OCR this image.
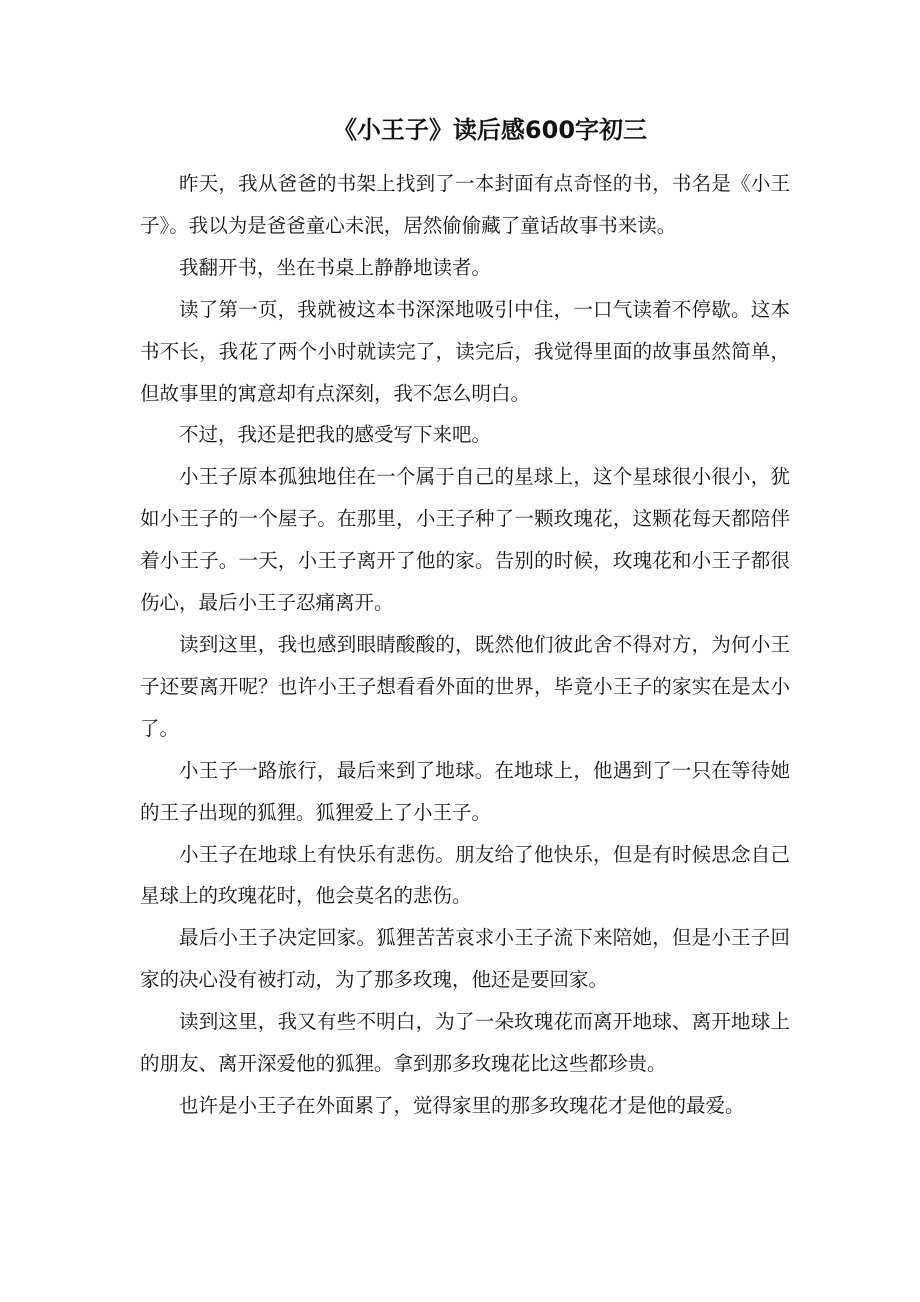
《小王子》读后感600字初三

昨天，我从爸爸的书架上找到了一本封面有点奇怪的书，书名是《小王子》。我以为是爸爸童心未泯，居然偷偷藏了童话故事书来读。

我翻开书，坐在书桌上静静地读者。

读了第一页，我就被这本书深深地吸引中住，一口气读着不停歇。这本书不长，我花了两个小时就读完了，读完后，我觉得里面的故事虽然简单，但故事里的寓意却有点深刻，我不怎么明白。

不过，我还是把我的感受写下来吧。

小王子原本孤独地住在一个属于自己的星球上，这个星球很小很小，犹如小王子的一个屋子。在那里，小王子种了一颗玫瑰花，这颗花每天都陪伴着小王子。一天，小王子离开了他的家。告别的时候，玫瑰花和小王子都很伤心，最后小王子忍痛离开。

读到这里，我也感到眼睛酸酸的，既然他们彼此舍不得对方，为何小王子还要离开呢？也许小王子想看看外面的世界，毕竟小王子的家实在是太小了。

小王子一路旅行，最后来到了地球。在地球上，他遇到了一只在等待她的王子出现的狐狸。狐狸爱上了小王子。

小王子在地球上有快乐有悲伤。朋友给了他快乐，但是有时候思念自己星球上的玫瑰花时，他会莫名的悲伤。

最后小王子决定回家。狐狸苦苦哀求小王子流下来陪她，但是小王子回家的决心没有被打动，为了那多玫瑰，他还是要回家。

读到这里，我又有些不明白，为了一朵玫瑰花而离开地球、离开地球上的朋友、离开深爱他的狐狸。拿到那多玫瑰花比这些都珍贵。

也许是小王子在外面累了，觉得家里的那多玫瑰花才是他的最爱。
